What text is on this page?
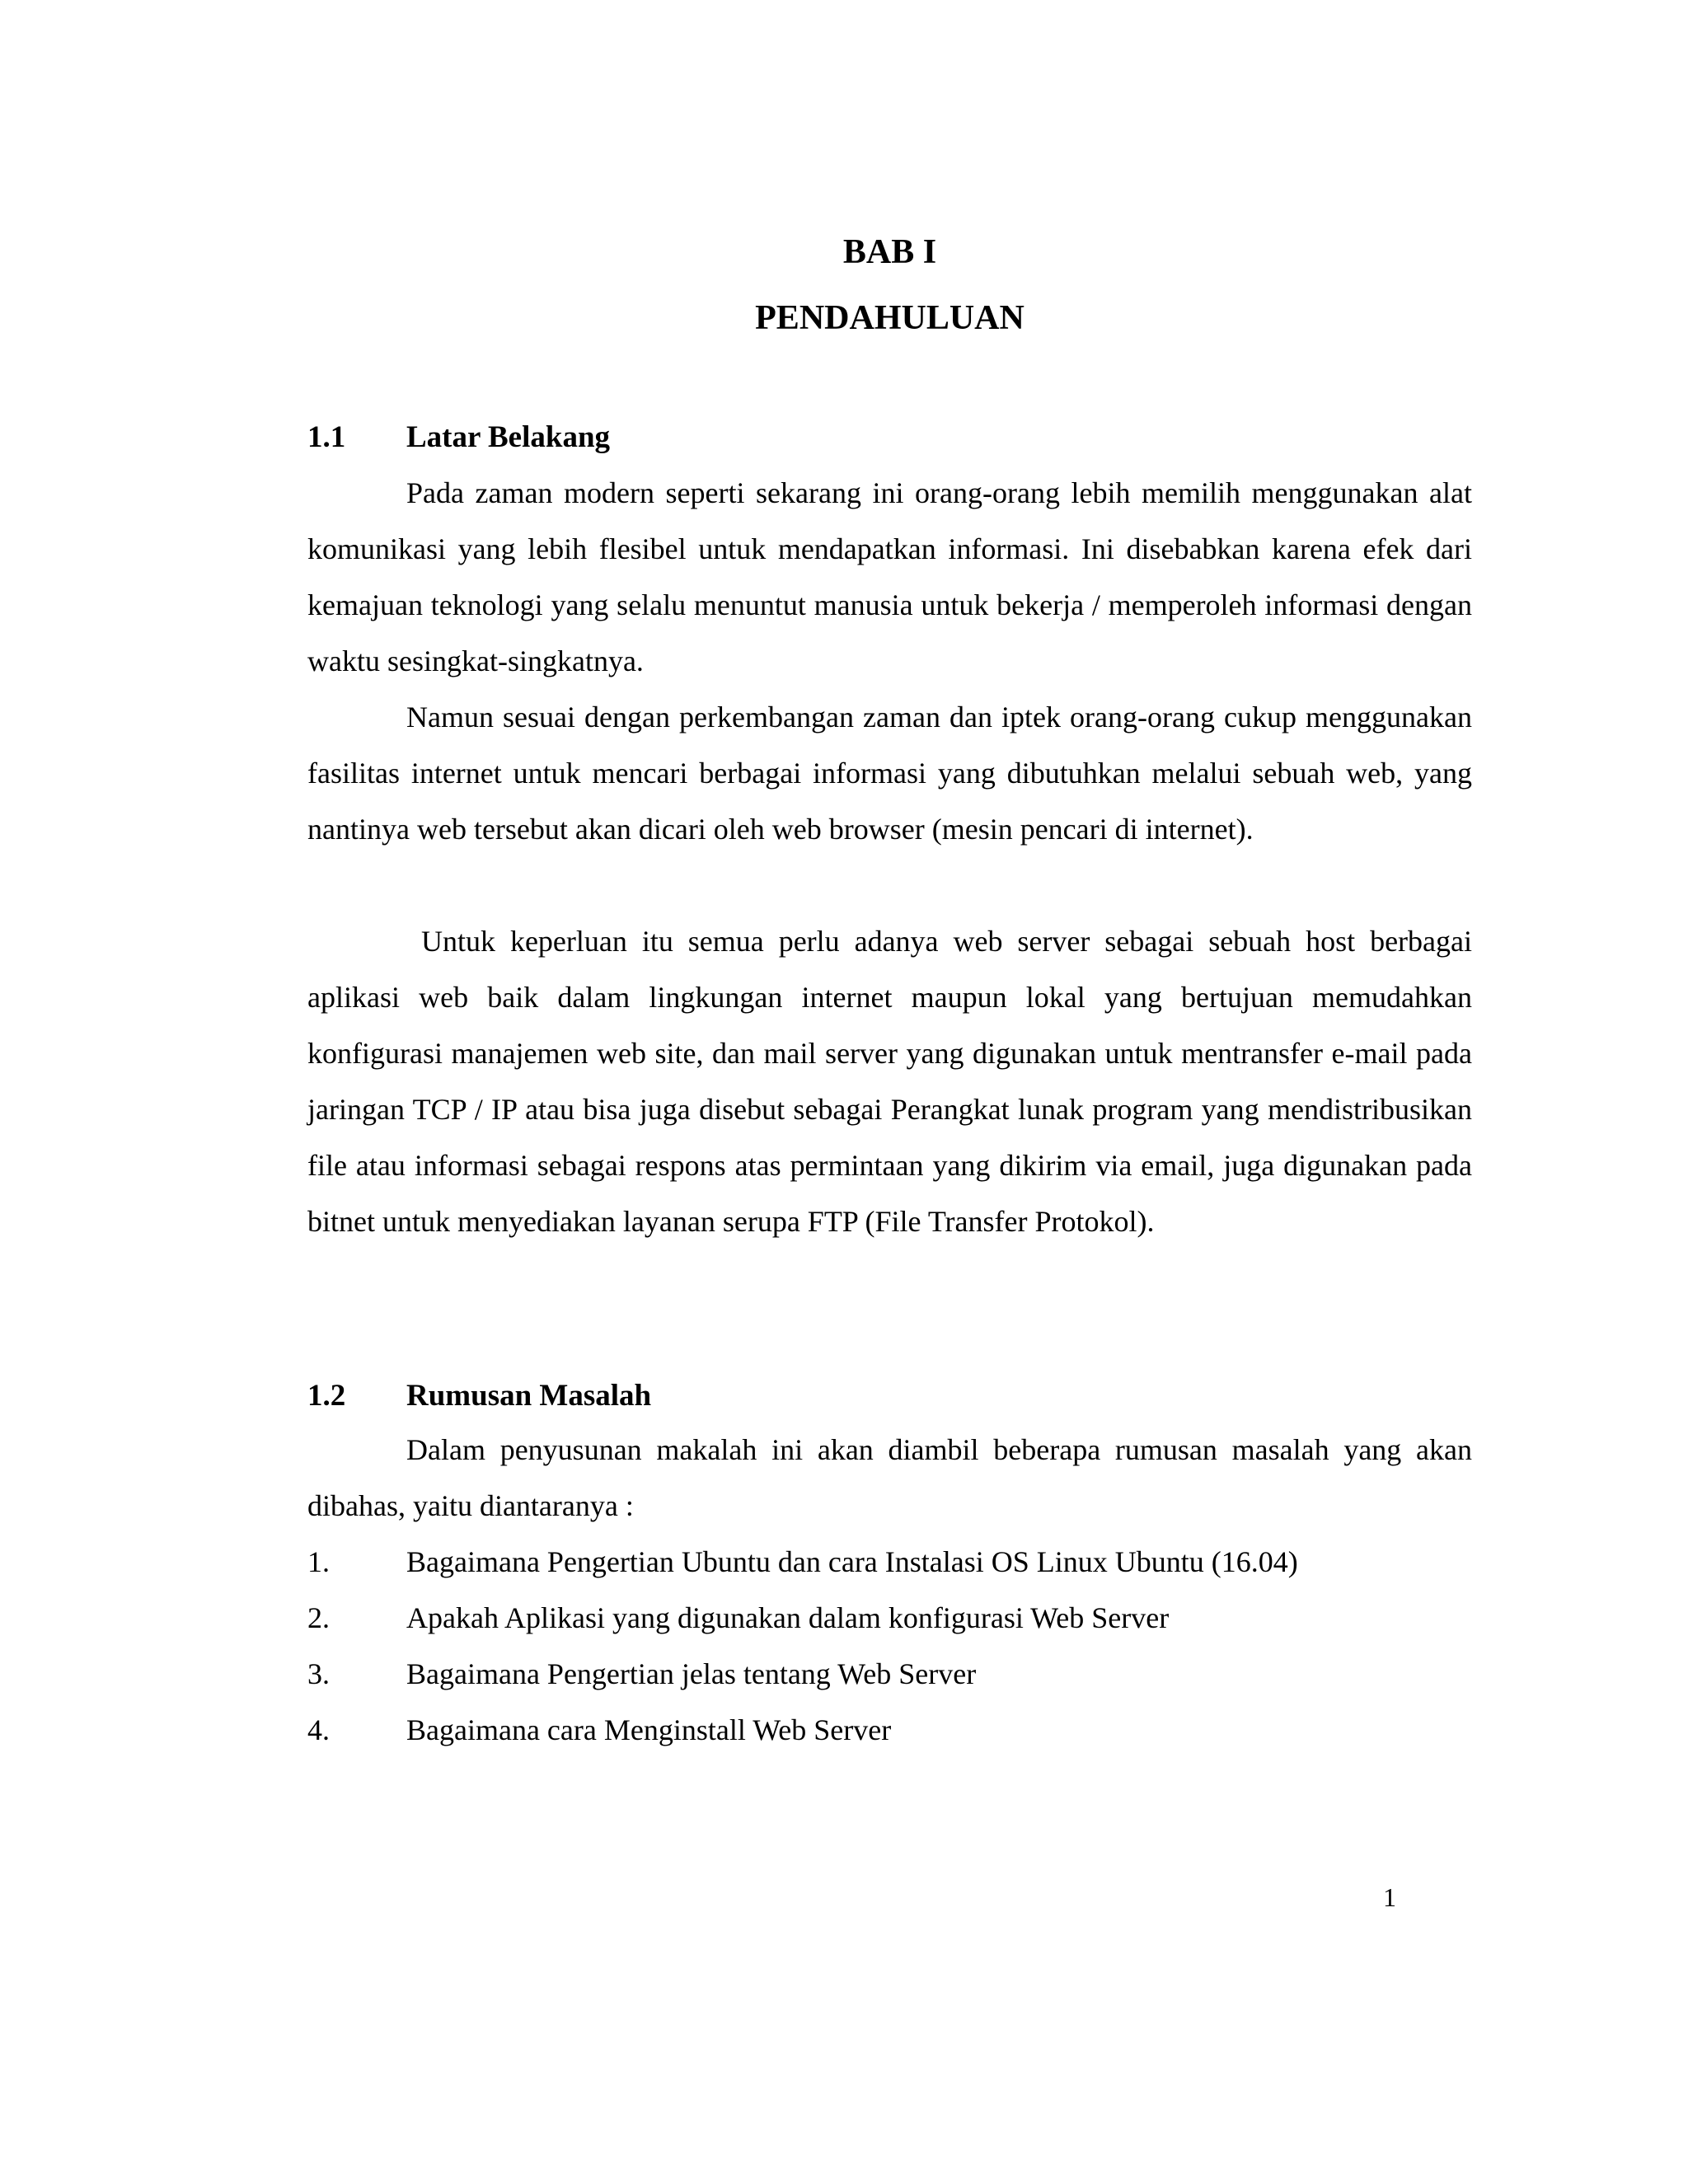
BAB I
PENDAHULUAN
1.1 Latar Belakang

Pada zaman modern seperti sekarang ini orang-orang lebih memilih menggunakan alat komunikasi yang lebih flesibel untuk mendapatkan informasi. Ini disebabkan karena efek dari kemajuan teknologi yang selalu menuntut manusia untuk bekerja / memperoleh informasi dengan waktu sesingkat-singkatnya.

Namun sesuai dengan perkembangan zaman dan iptek orang-orang cukup menggunakan fasilitas internet untuk mencari berbagai informasi yang dibutuhkan melalui sebuah web, yang nantinya web tersebut akan dicari oleh web browser (mesin pencari di internet).

Untuk keperluan itu semua perlu adanya web server sebagai sebuah host berbagai aplikasi web baik dalam lingkungan internet maupun lokal yang bertujuan memudahkan konfigurasi manajemen web site, dan mail server yang digunakan untuk mentransfer e-mail pada jaringan TCP / IP atau bisa juga disebut sebagai Perangkat lunak program yang mendistribusikan file atau informasi sebagai respons atas permintaan yang dikirim via email, juga digunakan pada bitnet untuk menyediakan layanan serupa FTP (File Transfer Protokol).

1.2 Rumusan Masalah

Dalam penyusunan makalah ini akan diambil beberapa rumusan masalah yang akan dibahas, yaitu diantaranya :

1.	Bagaimana Pengertian Ubuntu dan cara Instalasi OS Linux Ubuntu (16.04)
2.	Apakah Aplikasi yang digunakan dalam konfigurasi Web Server
3.	Bagaimana Pengertian jelas tentang Web Server
4.	Bagaimana cara Menginstall Web Server
1
